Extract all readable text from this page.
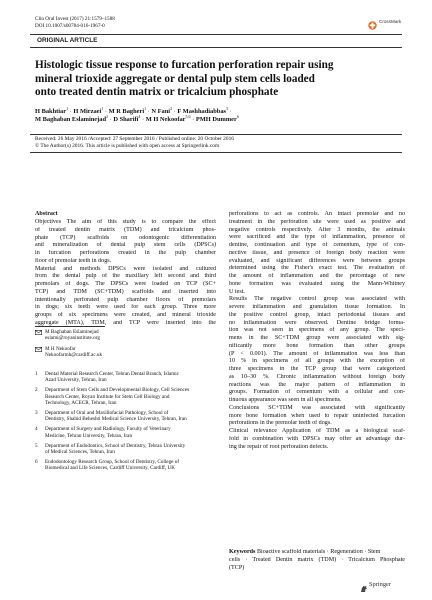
Clin Oral Invest (2017) 21:1579–1588
DOI 10.1007/s00784-016-1967-0
CrossMark
ORIGINAL ARTICLE
Histologic tissue response to furcation perforation repair using
mineral trioxide aggregate or dental pulp stem cells loaded
onto treated dentin matrix or tricalcium phosphate
H Bakhtiar$^1$ · H Mirzaei$^1$ · M R Bagheri$^1$ · N Fani$^2$ · F Mashhadiabbas$^3$ ·
M Baghaban Eslaminejad$^2$ · D Sharifi$^4$ · M H Nekoofar$^{5,6}$ · PMH Dummer$^6$
Received: 26 May 2016 /Accepted: 27 September 2016 / Published online: 20 October 2016
© The Author(s) 2016. This article is published with open access at Springerlink.com
Abstract
Objectives The aim of this study is to compare the effect
of treated dentin matrix (TDM) and tricalcium phos-
phate (TCP) scaffolds on odontogenic differentiation
and mineralization of dental pulp stem cells (DPSCs)
in furcation perforations created in the pulp chamber
floor of premolar teeth in dogs.
Material and methods DPSCs were isolated and cultured
from the dental pulp of the maxillary left second and third
premolars of dogs. The DPSCs were loaded on TCP (SC+
TCP) and TDM (SC+TDM) scaffolds and inserted into
intentionally perforated pulp chamber floors of premolars
in dogs; six teeth were used for each group. Three more
groups of six specimens were created, and mineral trioxide
aggregate (MTA), TDM, and TCP were inserted into the
M Baghaban Eslaminejad
eslami@royaninstitute.org
M H Nekoofar
Nekoofarmh@cardiff.ac.uk
1 Dental Material Research Center, Tehran Dental Branch, Islamic
Azad University, Tehran, Iran
2 Department of Stem Cells and Developmental Biology, Cell Sciences
Research Center, Royan Institute for Stem Cell Biology and
Technology, ACECR, Tehran, Iran
3 Department of Oral and Maxillofacial Pathology, School of
Dentistry, Shahid Beheshti Medical Science University, Tehran, Iran
4 Department of Surgery and Radiology, Faculty of Veterinary
Medicine, Tehran University, Tehran, Iran
5 Department of Endodontics, School of Dentistry, Tehran University
of Medical Sciences, Tehran, Iran
6 Endodontology Research Group, School of Dentistry, College of
Biomedical and Life Sciences, Cardiff University, Cardiff, UK
perforations to act as controls. An intact premolar and no
treatment in the perforation site were used as positive and
negative controls respectively. After 3 months, the animals
were sacrificed and the type of inflammation, presence of
dentine, continuation and type of cementum, type of con-
nective tissue, and presence of foreign body reaction were
evaluated, and significant differences were between groups
determined using the Fisher's exact test. The evaluation of
the amount of inflammation and the percentage of new
bone formation was evaluated using the Mann-Whitney
U test.
Results The negative control group was associated with
severe inflammation and granulation tissue formation. In
the positive control group, intact periodontal tissues and
no inflammation were observed. Dentine bridge forma-
tion was not seen in specimens of any group. The speci-
mens in the SC+TDM group were associated with sig-
nificantly more bone formation than other groups
(P < 0.001). The amount of inflammation was less than
10 % in specimens of all groups with the exception of
three specimens in the TCP group that were categorized
as 10–30 %. Chronic inflammation without foreign body
reactions was the major pattern of inflammation in
groups. Formation of cementum with a cellular and con-
tinuous appearance was seen in all specimens.
Conclusions SC+TDM was associated with significantly
more bone formation when used to repair uninfected furcation
perforations in the premolar teeth of dogs.
Clinical relevance Application of TDM as a biological scaf-
fold in combination with DPSCs may offer an advantage dur-
ing the repair of root perforation defects.
Keywords Bioactive scaffold materials · Regeneration · Stem
cells · Treated Dentin matrix (TDM) · Tricalcium Phosphate
(TCP)
Springer
